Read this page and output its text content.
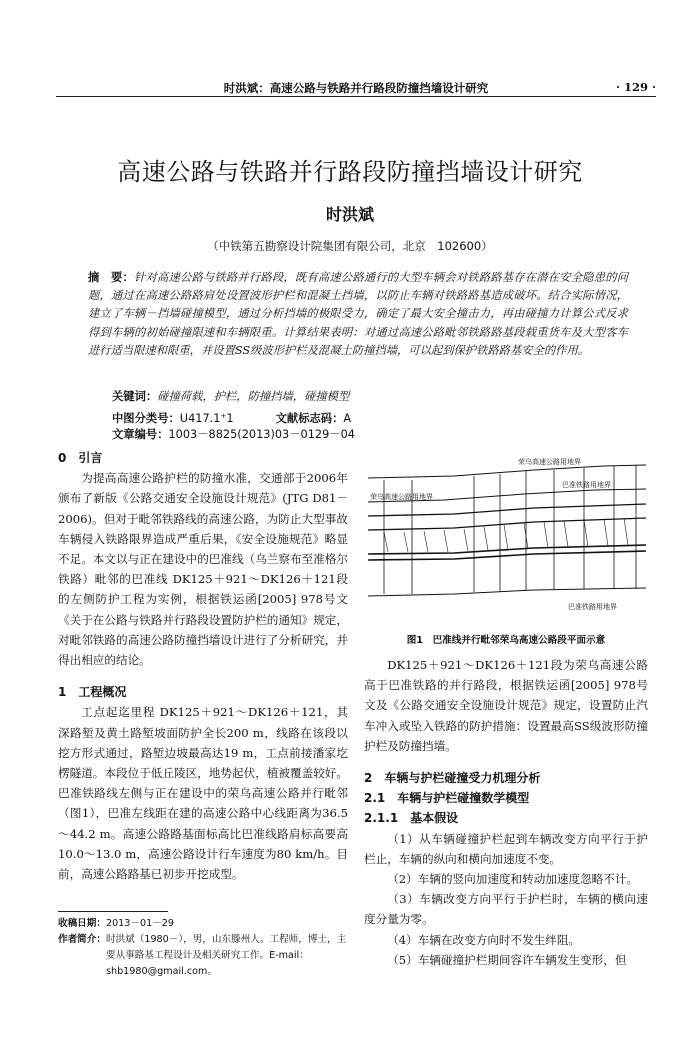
时洪斌：高速公路与铁路并行路段防撞挡墙设计研究	· 129 ·
高速公路与铁路并行路段防撞挡墙设计研究
时洪斌
（中铁第五勘察设计院集团有限公司，北京　102600）
摘　要：针对高速公路与铁路并行路段，既有高速公路通行的大型车辆会对铁路路基存在潜在安全隐患的问题，通过在高速公路路肩处设置波形护栏和混凝土挡墙，以防止车辆对铁路路基造成破坏。结合实际情况，建立了车辆－挡墙碰撞模型，通过分析挡墙的极限受力，确定了最大安全撞击力，再由碰撞力计算公式反求得到车辆的初始碰撞限速和车辆限重。计算结果表明：对通过高速公路毗邻铁路路基段载重货车及大型客车进行适当限速和限重，并设置SS级波形护栏及混凝土防撞挡墙，可以起到保护铁路路基安全的作用。
关键词：碰撞荷载，护栏，防撞挡墙，碰撞模型
中图分类号：U417.1⁺1	文献标志码：A 文章编号：1003－8825(2013)03－0129－04
0　引言

为提高高速公路护栏的防撞水准，交通部于2006年颁布了新版《公路交通安全设施设计规范》(JTG D81－2006)。但对于毗邻铁路线的高速公路，为防止大型事故车辆侵入铁路限界造成严重后果，《安全设施规范》略显不足。本文以与正在建设中的巴准线（乌兰察布至准格尔铁路）毗邻的巴准线 DK125＋921～DK126＋121段的左侧防护工程为实例，根据铁运函[2005] 978号文《关于在公路与铁路并行路段设置防护栏的通知》规定，对毗邻铁路的高速公路防撞挡墙设计进行了分析研究，并得出相应的结论。

1　工程概况

工点起迄里程 DK125＋921～DK126＋121，其深路堑及黄土路堑坡面防护全长200 m，线路在该段以挖方形式通过，路堑边坡最高达19 m，工点前接潘家圪楞隧道。本段位于低丘陵区，地势起伏，植被覆盖较好。巴准铁路线左侧与正在建设中的荣乌高速公路并行毗邻（图1），巴准左线距在建的高速公路中心线距离为36.5～44.2 m。高速公路路基面标高比巴准线路肩标高要高10.0～13.0 m，高速公路设计行车速度为80 km/h。目前，高速公路路基已初步开挖成型。

收稿日期：2013－01－29
作者简介：时洪斌（1980－），男，山东滕州人。工程师，博士，主要从事路基工程设计及相关研究工作。E-mail：shb1980@gmail.com。
荣乌高速公路用地界
荣乌高速公路用地界
巴准铁路用地界
巴准铁路用地界
图1　巴准线并行毗邻荣乌高速公路段平面示意

DK125＋921～DK126＋121段为荣乌高速公路高于巴准铁路的并行路段，根据铁运函[2005] 978号文及《公路交通安全设施设计规范》规定，设置防止汽车冲入或坠入铁路的防护措施：设置最高SS级波形防撞护栏及防撞挡墙。

2　车辆与护栏碰撞受力机理分析
2.1　车辆与护栏碰撞数学模型
2.1.1　基本假设

（1）从车辆碰撞护栏起到车辆改变方向平行于护栏止，车辆的纵向和横向加速度不变。

（2）车辆的竖向加速度和转动加速度忽略不计。

（3）车辆改变方向平行于护栏时，车辆的横向速度分量为零。

（4）车辆在改变方向时不发生绊阻。

（5）车辆碰撞护栏期间容许车辆发生变形，但
